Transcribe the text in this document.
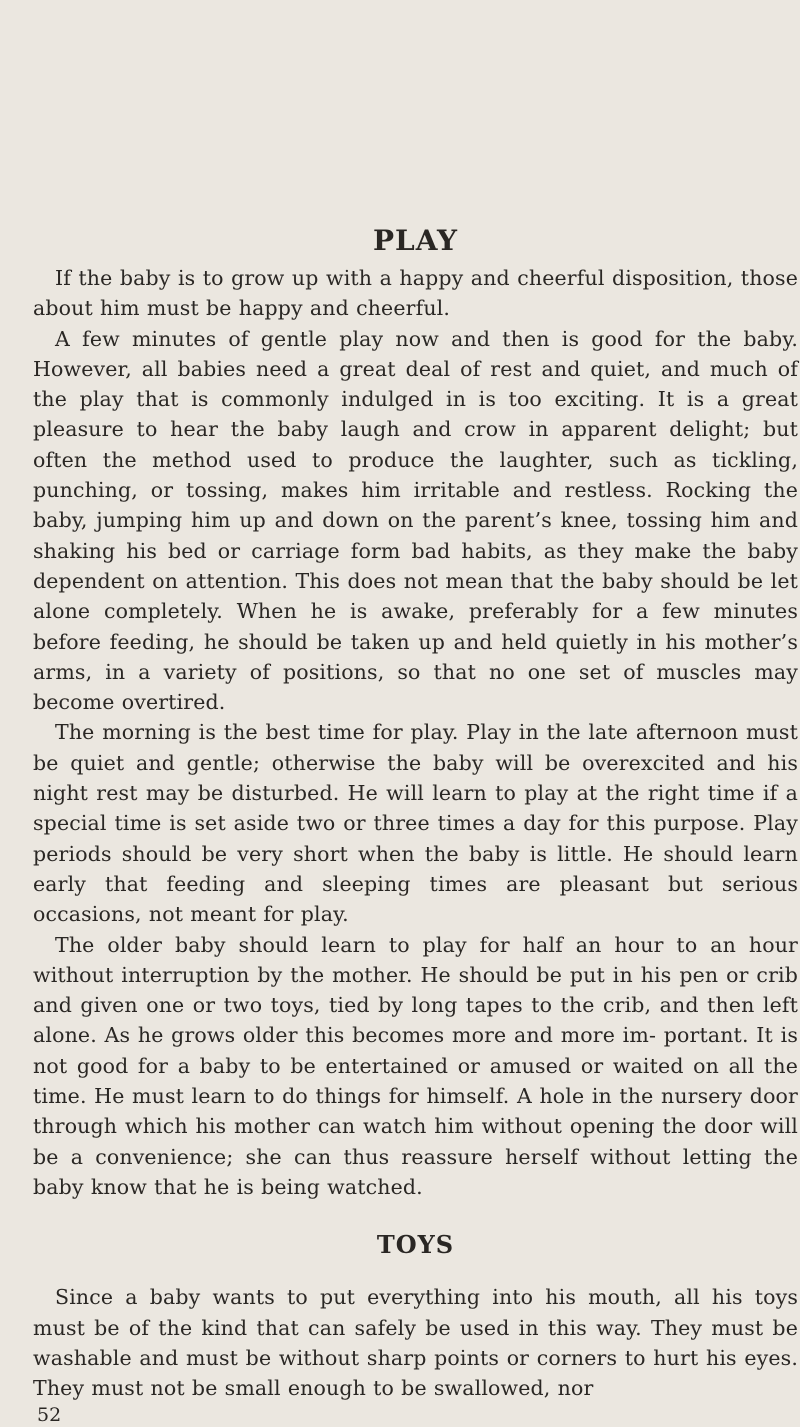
PLAY

If the baby is to grow up with a happy and cheerful disposition, those about him must be happy and cheerful.

A few minutes of gentle play now and then is good for the baby. However, all babies need a great deal of rest and quiet, and much of the play that is commonly indulged in is too exciting. It is a great pleasure to hear the baby laugh and crow in apparent delight; but often the method used to produce the laughter, such as tickling, punching, or tossing, makes him irritable and restless. Rocking the baby, jumping him up and down on the parent’s knee, tossing him and shaking his bed or carriage form bad habits, as they make the baby dependent on attention. This does not mean that the baby should be let alone completely. When he is awake, preferably for a few minutes before feeding, he should be taken up and held quietly in his mother’s arms, in a variety of positions, so that no one set of muscles may become overtired.

The morning is the best time for play. Play in the late afternoon must be quiet and gentle; otherwise the baby will be overexcited and his night rest may be disturbed. He will learn to play at the right time if a special time is set aside two or three times a day for this purpose. Play periods should be very short when the baby is little. He should learn early that feeding and sleeping times are pleasant but serious occasions, not meant for play.

The older baby should learn to play for half an hour to an hour without interruption by the mother. He should be put in his pen or crib and given one or two toys, tied by long tapes to the crib, and then left alone. As he grows older this becomes more and more im- portant. It is not good for a baby to be entertained or amused or waited on all the time. He must learn to do things for himself. A hole in the nursery door through which his mother can watch him without opening the door will be a convenience; she can thus reassure herself without letting the baby know that he is being watched.

TOYS

Since a baby wants to put everything into his mouth, all his toys must be of the kind that can safely be used in this way. They must be washable and must be without sharp points or corners to hurt his eyes. They must not be small enough to be swallowed, nor

52
